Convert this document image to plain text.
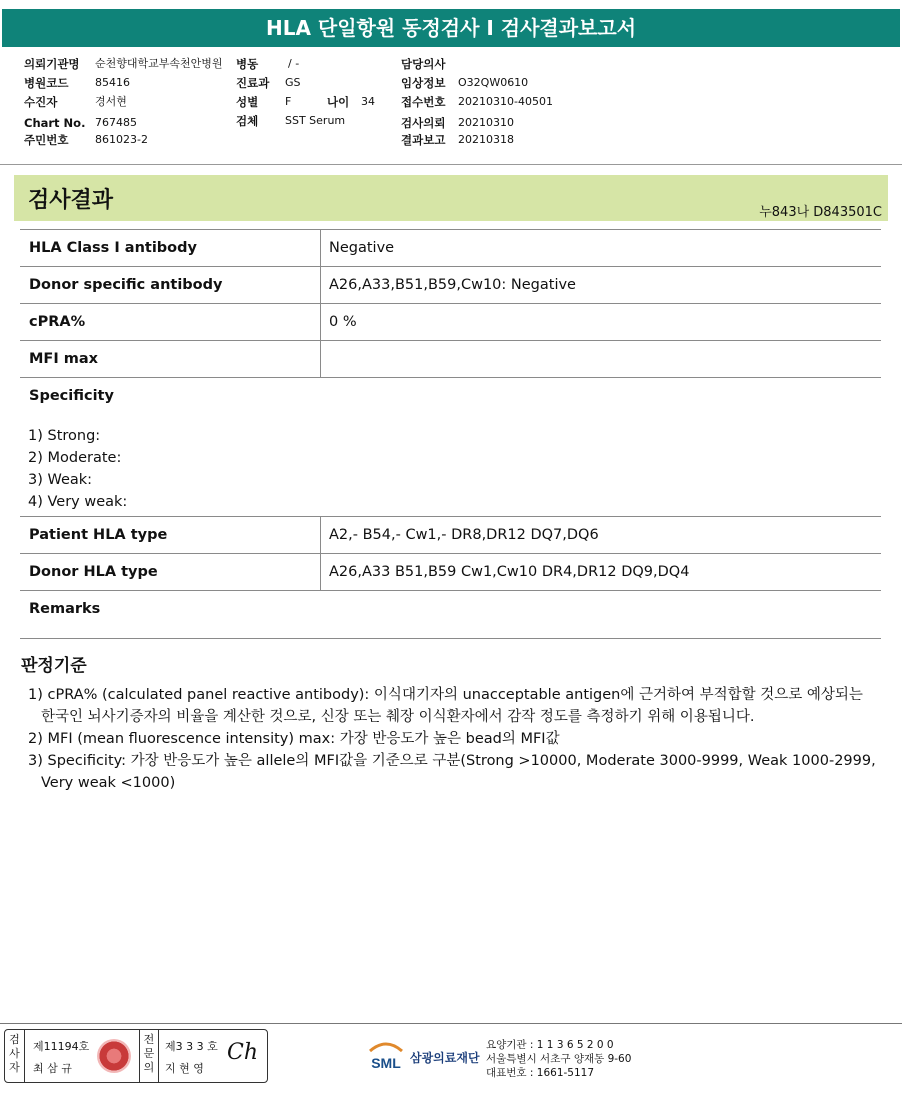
HLA 단일항원 동정검사 I 검사결과보고서
의뢰기관명 순천향대학교부속천안병원 병동	/ -	담당의사
병원코드 85416	진료과 GS	임상정보 O32QW0610
수진자	경서현	성별 F	나이 34 접수번호 20210310-40501
Chart No. 767485	검체 SST Serum	검사의뢰 20210310
주민번호 861023-2	결과보고 20210318
검사결과	누843나 D843501C
HLA Class Ⅰ antibody	Negative
Donor specific antibody	A26,A33,B51,B59,Cw10: Negative
cPRA%	0 %
MFI max
Specificity
1) Strong:
2) Moderate:
3) Weak:
4) Very weak:
Patient HLA type	A2,- B54,- Cw1,- DR8,DR12 DQ7,DQ6
Donor HLA type	A26,A33 B51,B59 Cw1,Cw10 DR4,DR12 DQ9,DQ4
Remarks
판정기준
1) cPRA% (calculated panel reactive antibody): 이식대기자의 unacceptable antigen에 근거하여 부적합할 것으로 예상되는 한국인 뇌사기증자의 비율을 계산한 것으로, 신장 또는 췌장 이식환자에서 감작 정도를 측정하기 위해 이용됩니다.
2) MFI (mean fluorescence intensity) max: 가장 반응도가 높은 bead의 MFI값
3) Specificity: 가장 반응도가 높은 allele의 MFI값을 기준으로 구분(Strong >10000, Moderate 3000-9999, Weak 1000-2999, Very weak <1000)
검사자
제11194호
최 삼 규
전문의
제3 3 3 호
지 현 영
Ch	SML 삼광의료재단
요양기관 : 1 1 3 6 5 2 0 0
서울특별시 서초구 양재동 9-60
대표번호 : 1661-5117
